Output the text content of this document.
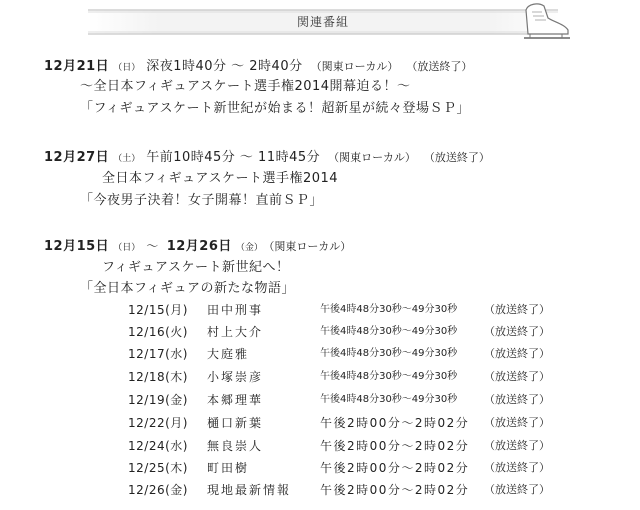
関連番組
12月21日 （日） 深夜1時40分 ～ 2時40分 （関東ローカル） （放送終了）
～全日本フィギュアスケート選手権2014開幕迫る！～
「フィギュアスケート新世紀が始まる！超新星が続々登場ＳＰ」
12月27日 （土） 午前10時45分 ～ 11時45分 （関東ローカル） （放送終了）
全日本フィギュアスケート選手権2014
「今夜男子決着！女子開幕！直前ＳＰ」
12月15日 （日） ～ 12月26日 （金） （関東ローカル）
フィギュアスケート新世紀へ！
「全日本フィギュアの新たな物語」
12/15(月) 田中刑事	午後4時48分30秒～49分30秒 （放送終了）
12/16(火) 村上大介	午後4時48分30秒～49分30秒 （放送終了）
12/17(水) 大庭雅	午後4時48分30秒～49分30秒 （放送終了）
12/18(木) 小塚崇彦	午後4時48分30秒～49分30秒 （放送終了）
12/19(金) 本郷理華	午後4時48分30秒～49分30秒 （放送終了）
12/22(月) 樋口新葉	午後2時00分～2時02分 （放送終了）
12/24(水) 無良崇人	午後2時00分～2時02分 （放送終了）
12/25(木) 町田樹	午後2時00分～2時02分 （放送終了）
12/26(金) 現地最新情報 午後2時00分～2時02分 （放送終了）
